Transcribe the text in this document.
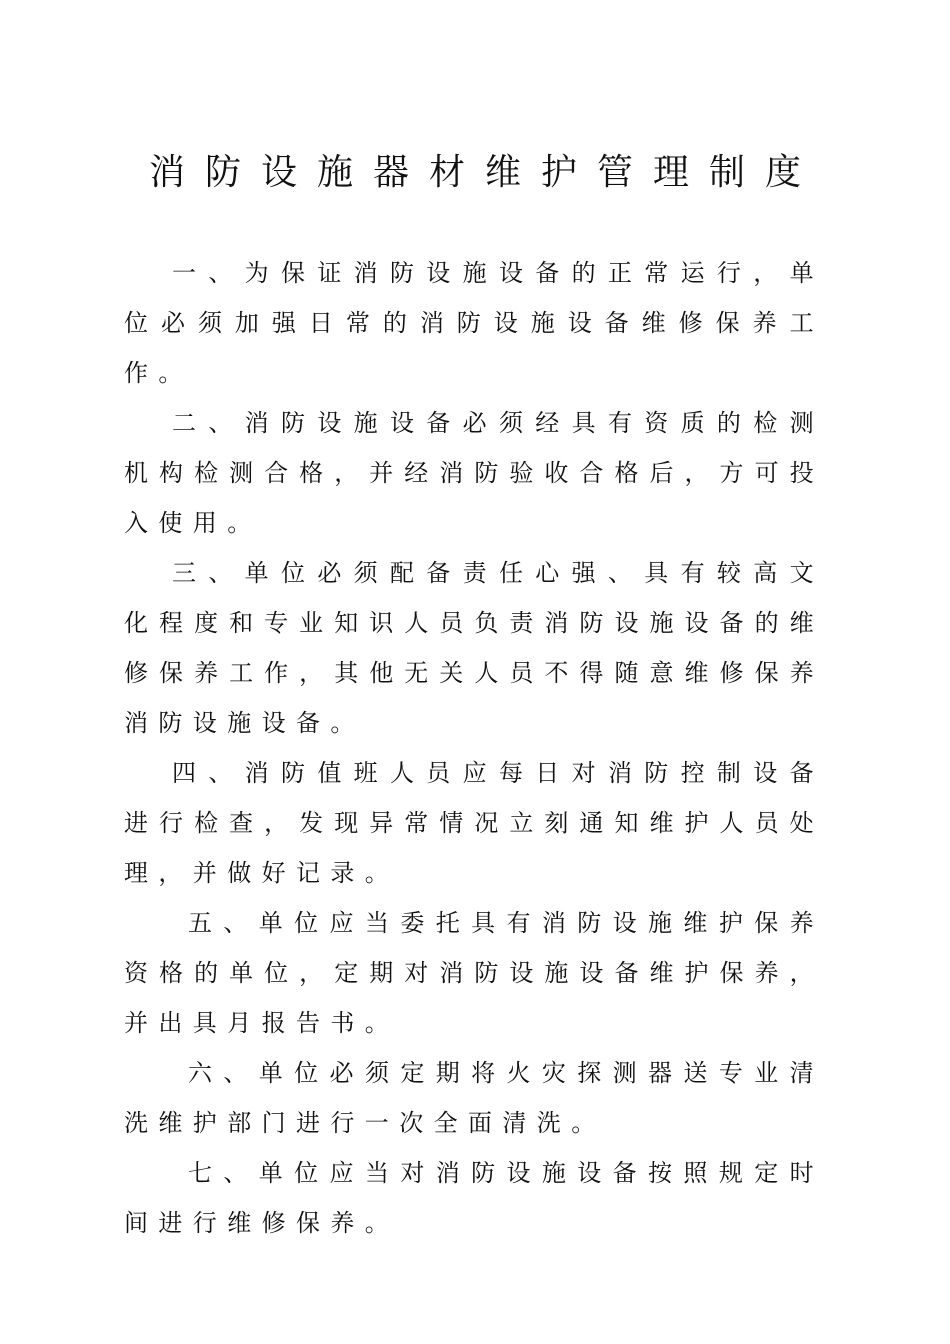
消防设施器材维护管理制度

一、为保证消防设施设备的正常运行，单位必须加强日常的消防设施设备维修保养工作。

二、消防设施设备必须经具有资质的检测机构检测合格，并经消防验收合格后，方可投入使用。

三、单位必须配备责任心强、具有较高文化程度和专业知识人员负责消防设施设备的维修保养工作，其他无关人员不得随意维修保养消防设施设备。

四、消防值班人员应每日对消防控制设备进行检查，发现异常情况立刻通知维护人员处理，并做好记录。

五、单位应当委托具有消防设施维护保养资格的单位，定期对消防设施设备维护保养，并出具月报告书。

六、单位必须定期将火灾探测器送专业清洗维护部门进行一次全面清洗。

七、单位应当对消防设施设备按照规定时间进行维修保养。
